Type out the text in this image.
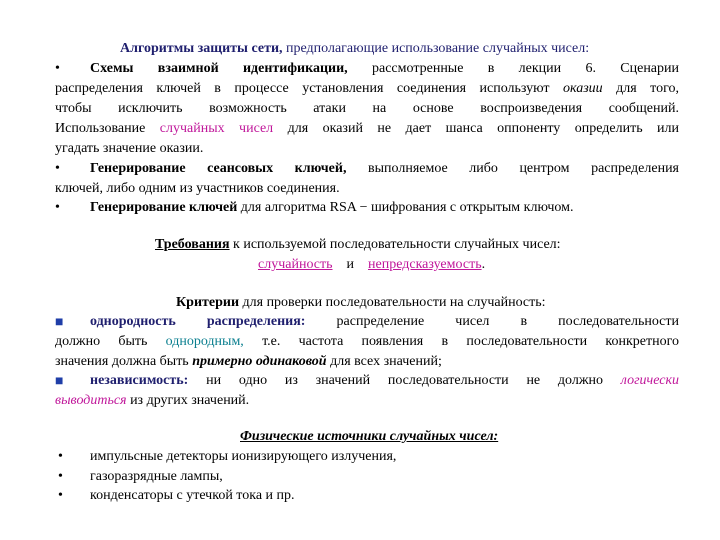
Алгоритмы защиты сети, предполагающие использование случайных чисел:
• Схемы взаимной идентификации, рассмотренные в лекции 6. Сценарии
распределения ключей в процессе установления соединения используют оказии для того,
чтобы исключить возможность атаки на основе воспроизведения сообщений.
Использование случайных чисел для оказий не дает шанса оппоненту определить или
угадать значение оказии.
• Генерирование сеансовых ключей, выполняемое либо центром распределения
ключей, либо одним из участников соединения.
• Генерирование ключей для алгоритма RSA − шифрования с открытым ключом.
Требования к используемой последовательности случайных чисел:
случайность и непредсказуемость.
Критерии для проверки последовательности на случайность:
■ однородность распределения: распределение чисел в последовательности
должно быть однородным, т.е. частота появления в последовательности конкретного
значения должна быть примерно одинаковой для всех значений;
■ независимость: ни одно из значений последовательности не должно логически
выводиться из других значений.
Физические источники случайных чисел:
• импульсные детекторы ионизирующего излучения,
• газоразрядные лампы,
• конденсаторы с утечкой тока и пр.
